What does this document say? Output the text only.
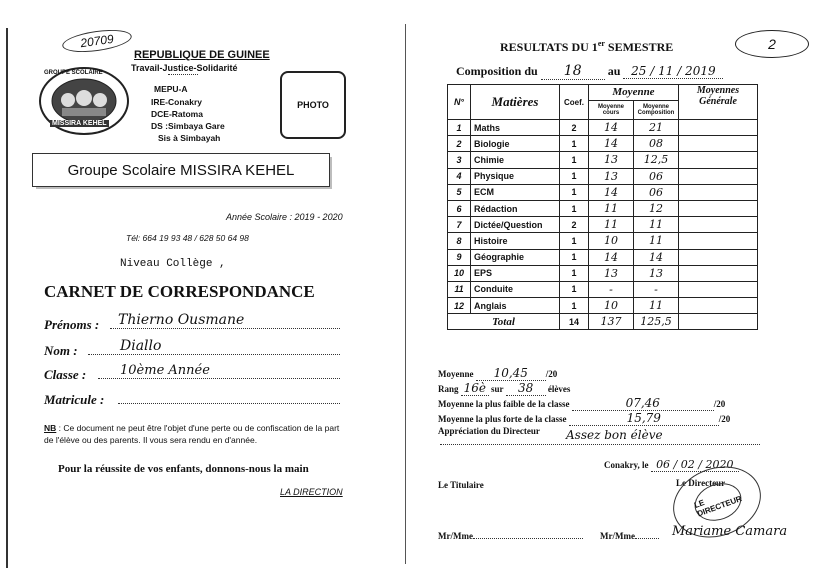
20709
GROUPE SCOLAIRE
MISSIRA KEHEL
REPUBLIQUE DE GUINEE
Travail-Justice-Solidarité
MEPU-A
IRE-Conakry
DCE-Ratoma
DS :Simbaya Gare
Sis à Simbayah
PHOTO
Groupe Scolaire MISSIRA KEHEL
Année Scolaire : 2019 - 2020
Tél: 664 19 93 48 / 628 50 64 98
Niveau Collège ,
CARNET DE CORRESPONDANCE
Prénoms : Thierno Ousmane
Nom :	Diallo
Classe :	10ème Année
Matricule :
NB : Ce document ne peut être l'objet d'une perte ou de confiscation de la part de l'élève ou des parents. Il vous sera rendu en d'année.
Pour la réussite de vos enfants, donnons-nous la main
LA DIRECTION
2
RESULTATS DU 1er SEMESTRE
Composition du 18 au 25 / 11 / 2019
N°	Matières	Coef.	Moyenne		Moyennes Générale
			Moyenne cours	Moyenne Composition	
1	Maths	2	14	21	
2	Biologie	1	14	08	
3	Chimie	1	13	12,5	
4	Physique	1	13	06	
5	ECM	1	14	06	
6	Rédaction	1	11	12	
7	Dictée/Question	2	11	11	
8	Histoire	1	10	11	
9	Géographie	1	14	14	
10	EPS	1	13	13	
11	Conduite	1	-	-	
12	Anglais	1	10	11	
Total		14	137	125,5	
Moyenne 10,45 /20
Rang 16è sur 38 élèves
Moyenne la plus faible de la classe	07,46	/20
Moyenne la plus forte de la classe	15,79	/20
Appréciation du Directeur Assez bon élève
Conakry, le 06 / 02 / 2020
Le Titulaire	Le Directeur
LE DIRECTEUR
Mr/Mme	Mr/Mme	Mariame Camara
